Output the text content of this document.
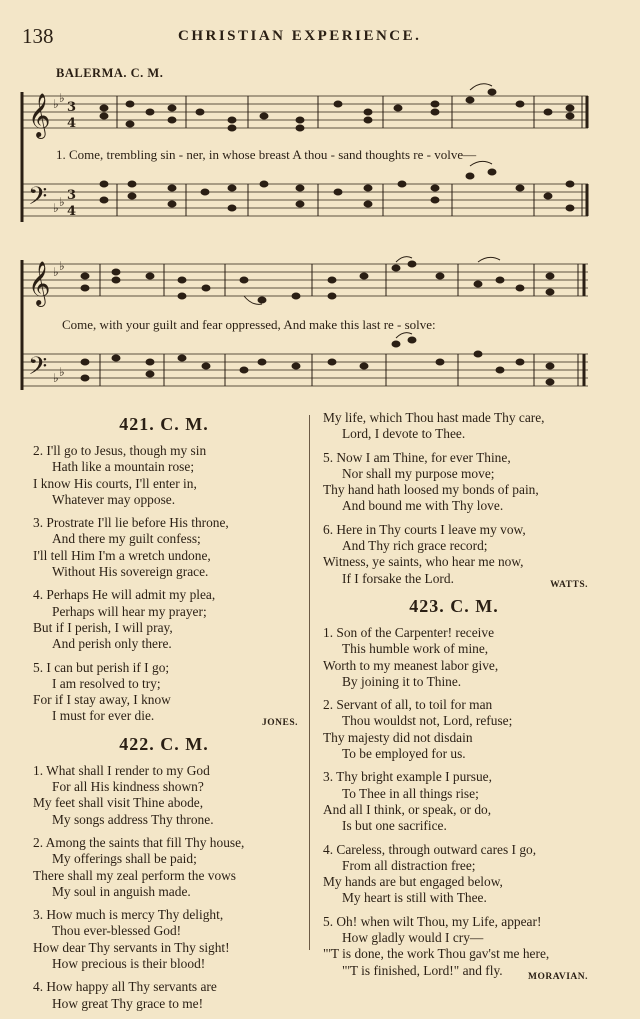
138	CHRISTIAN EXPERIENCE.
BALERMA. C. M.
𝄞
𝄢
♭ ♭
♭ ♭
3
4
3
4
𝄞
𝄢
♭ ♭
♭ ♭
1. Come, trembling sin - ner, in whose breast A thou - sand thoughts re - volve—
Come, with your guilt and fear oppressed, And make this last re - solve:
421. C. M.
2. I'll go to Jesus, though my sin
Hath like a mountain rose;
I know His courts, I'll enter in,
Whatever may oppose.
3. Prostrate I'll lie before His throne,
And there my guilt confess;
I'll tell Him I'm a wretch undone,
Without His sovereign grace.
4. Perhaps He will admit my plea,
Perhaps will hear my prayer;
But if I perish, I will pray,
And perish only there.
5. I can but perish if I go;
I am resolved to try;
For if I stay away, I know
I must for ever die.	JONES.
422. C. M.
1. What shall I render to my God
For all His kindness shown?
My feet shall visit Thine abode,
My songs address Thy throne.
2. Among the saints that fill Thy house,
My offerings shall be paid;
There shall my zeal perform the vows
My soul in anguish made.
3. How much is mercy Thy delight,
Thou ever-blessed God!
How dear Thy servants in Thy sight!
How precious is their blood!
4. How happy all Thy servants are
How great Thy grace to me!
My life, which Thou hast made Thy care,
Lord, I devote to Thee.
5. Now I am Thine, for ever Thine,
Nor shall my purpose move;
Thy hand hath loosed my bonds of pain,
And bound me with Thy love.
6. Here in Thy courts I leave my vow,
And Thy rich grace record;
Witness, ye saints, who hear me now,
If I forsake the Lord.	WATTS.
423. C. M.
1. Son of the Carpenter! receive
This humble work of mine,
Worth to my meanest labor give,
By joining it to Thine.
2. Servant of all, to toil for man
Thou wouldst not, Lord, refuse;
Thy majesty did not disdain
To be employed for us.
3. Thy bright example I pursue,
To Thee in all things rise;
And all I think, or speak, or do,
Is but one sacrifice.
4. Careless, through outward cares I go,
From all distraction free;
My hands are but engaged below,
My heart is still with Thee.
5. Oh! when wilt Thou, my Life, appear!
How gladly would I cry—
"'T is done, the work Thou gav'st me here,
"'T is finished, Lord!" and fly.	MORAVIAN.
